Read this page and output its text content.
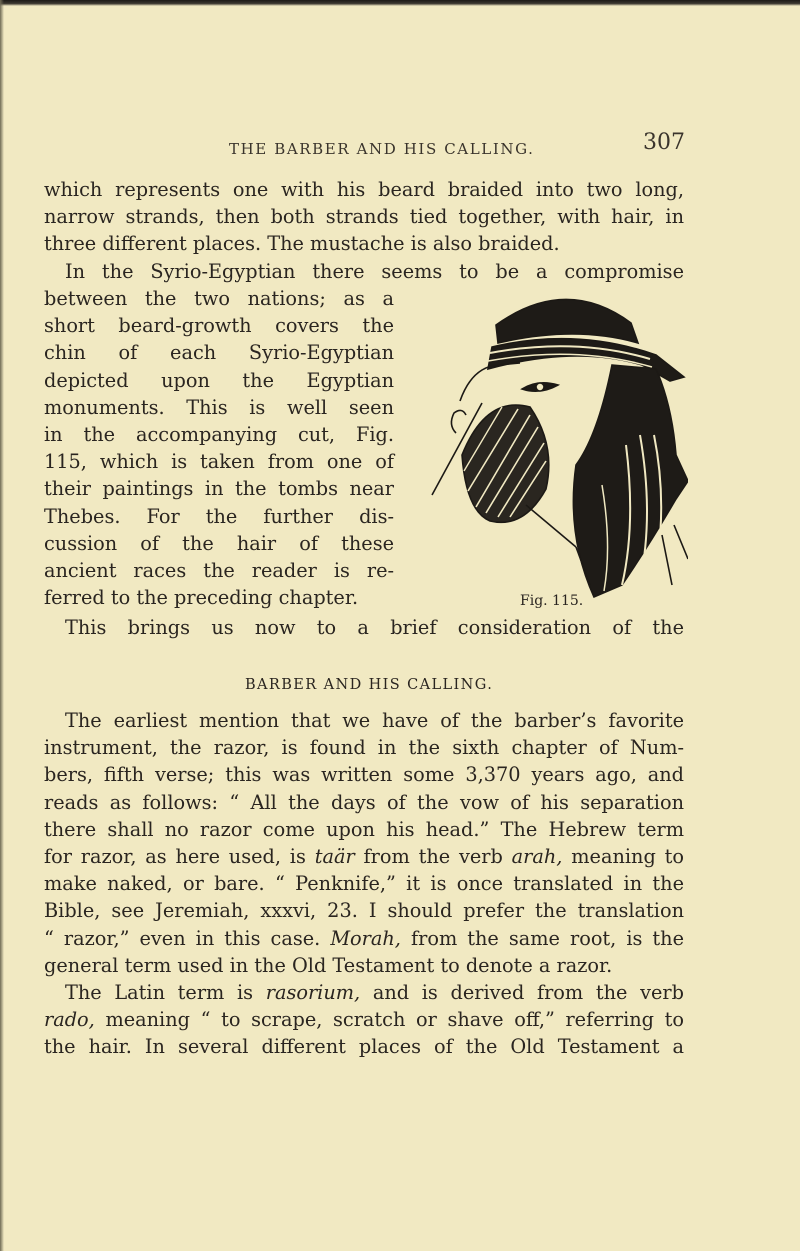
THE BARBER AND HIS CALLING.	307
which represents one with his beard braided into two long,
narrow strands, then both strands tied together, with hair, in
three different places. The mustache is also braided.
In the Syrio-Egyptian there seems to be a compromise
between the two nations; as a
short beard-growth covers the
chin of each Syrio-Egyptian
depicted upon the Egyptian
monuments. This is well seen
in the accompanying cut, Fig.
115, which is taken from one of
their paintings in the tombs near
Thebes. For the further dis-
cussion of the hair of these
ancient races the reader is re-
ferred to the preceding chapter.
This brings us now to a brief consideration of the
Fig. 115.
BARBER AND HIS CALLING.
The earliest mention that we have of the barber’s favorite
instrument, the razor, is found in the sixth chapter of Num-
bers, fifth verse; this was written some 3,370 years ago, and
reads as follows: “ All the days of the vow of his separation
there shall no razor come upon his head.” The Hebrew term
for razor, as here used, is taär from the verb arah, meaning to
make naked, or bare. “ Penknife,” it is once translated in the
Bible, see Jeremiah, xxxvi, 23. I should prefer the translation
“ razor,” even in this case. Morah, from the same root, is the
general term used in the Old Testament to denote a razor.
The Latin term is rasorium, and is derived from the verb
rado, meaning “ to scrape, scratch or shave off,” referring to
the hair. In several different places of the Old Testament a
